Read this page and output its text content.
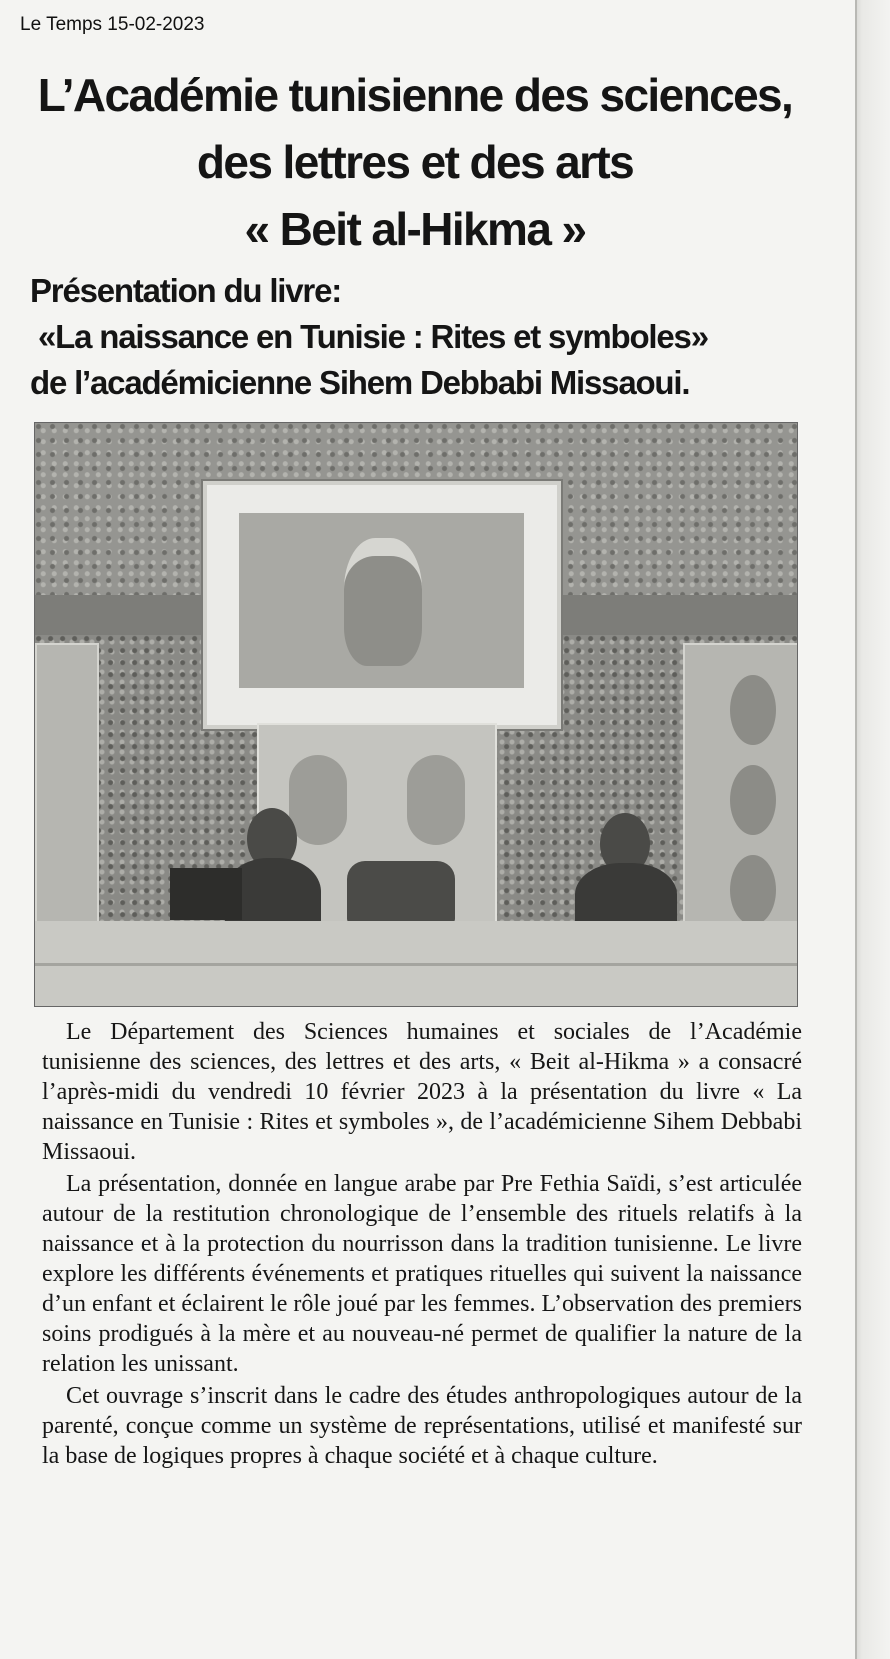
Le Temps 15-02-2023
L’Académie tunisienne des sciences,
des lettres et des arts
« Beit al-Hikma »
Présentation du livre:
«La naissance en Tunisie : Rites et symboles»
de l’académicienne Sihem Debbabi Missaoui.

Le Département des Sciences humaines et sociales de l’Académie tunisienne des sciences, des lettres et des arts, « Beit al-Hikma » a consacré l’après-midi du vendredi 10 février 2023 à la présentation du livre « La naissance en Tunisie : Rites et symboles », de l’académicienne Sihem Debbabi Missaoui.

La présentation, donnée en langue arabe par Pre Fethia Saïdi, s’est articulée autour de la restitution chronologique de l’ensemble des rituels relatifs à la naissance et à la protection du nourrisson dans la tradition tunisienne. Le livre explore les différents événements et pratiques rituelles qui suivent la naissance d’un enfant et éclairent le rôle joué par les femmes. L’observation des premiers soins prodigués à la mère et au nouveau-né permet de qualifier la nature de la relation les unissant.

Cet ouvrage s’inscrit dans le cadre des études anthropologiques autour de la parenté, conçue comme un système de représentations, utilisé et manifesté sur la base de logiques propres à chaque société et à chaque culture.
